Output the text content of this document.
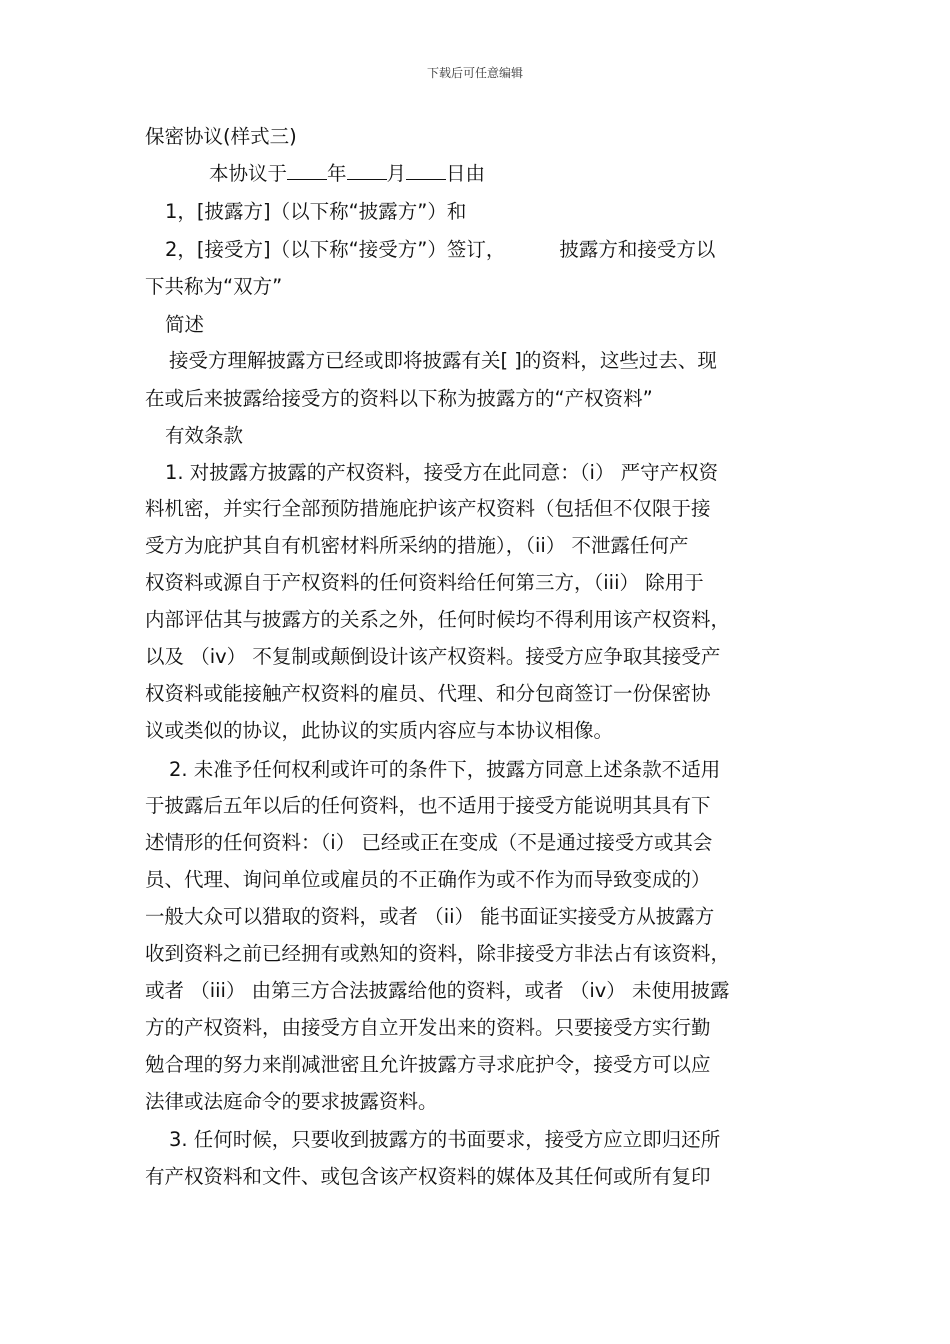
下载后可任意编辑
保密协议(样式三)
本协议于 年 月 日由
1，[披露方]（以下称“披露方”）和
2，[接受方]（以下称“接受方”）签订，	披露方和接受方以
下共称为“双方”
简述
接受方理解披露方已经或即将披露有关[ ]的资料，这些过去、现
在或后来披露给接受方的资料以下称为披露方的“产权资料”
有效条款
1. 对披露方披露的产权资料，接受方在此同意：（i） 严守产权资
料机密，并实行全部预防措施庇护该产权资料（包括但不仅限于接
受方为庇护其自有机密材料所采纳的措施），（ii） 不泄露任何产
权资料或源自于产权资料的任何资料给任何第三方，（iii） 除用于
内部评估其与披露方的关系之外，任何时候均不得利用该产权资料，
以及 （iv） 不复制或颠倒设计该产权资料。接受方应争取其接受产
权资料或能接触产权资料的雇员、代理、和分包商签订一份保密协
议或类似的协议，此协议的实质内容应与本协议相像。
2. 未准予任何权利或许可的条件下，披露方同意上述条款不适用
于披露后五年以后的任何资料，也不适用于接受方能说明其具有下
述情形的任何资料：（i） 已经或正在变成（不是通过接受方或其会
员、代理、询问单位或雇员的不正确作为或不作为而导致变成的）
一般大众可以猎取的资料，或者 （ii） 能书面证实接受方从披露方
收到资料之前已经拥有或熟知的资料，除非接受方非法占有该资料，
或者 （iii） 由第三方合法披露给他的资料，或者 （iv） 未使用披露
方的产权资料，由接受方自立开发出来的资料。只要接受方实行勤
勉合理的努力来削减泄密且允许披露方寻求庇护令，接受方可以应
法律或法庭命令的要求披露资料。
3. 任何时候，只要收到披露方的书面要求，接受方应立即归还所
有产权资料和文件、或包含该产权资料的媒体及其任何或所有复印
